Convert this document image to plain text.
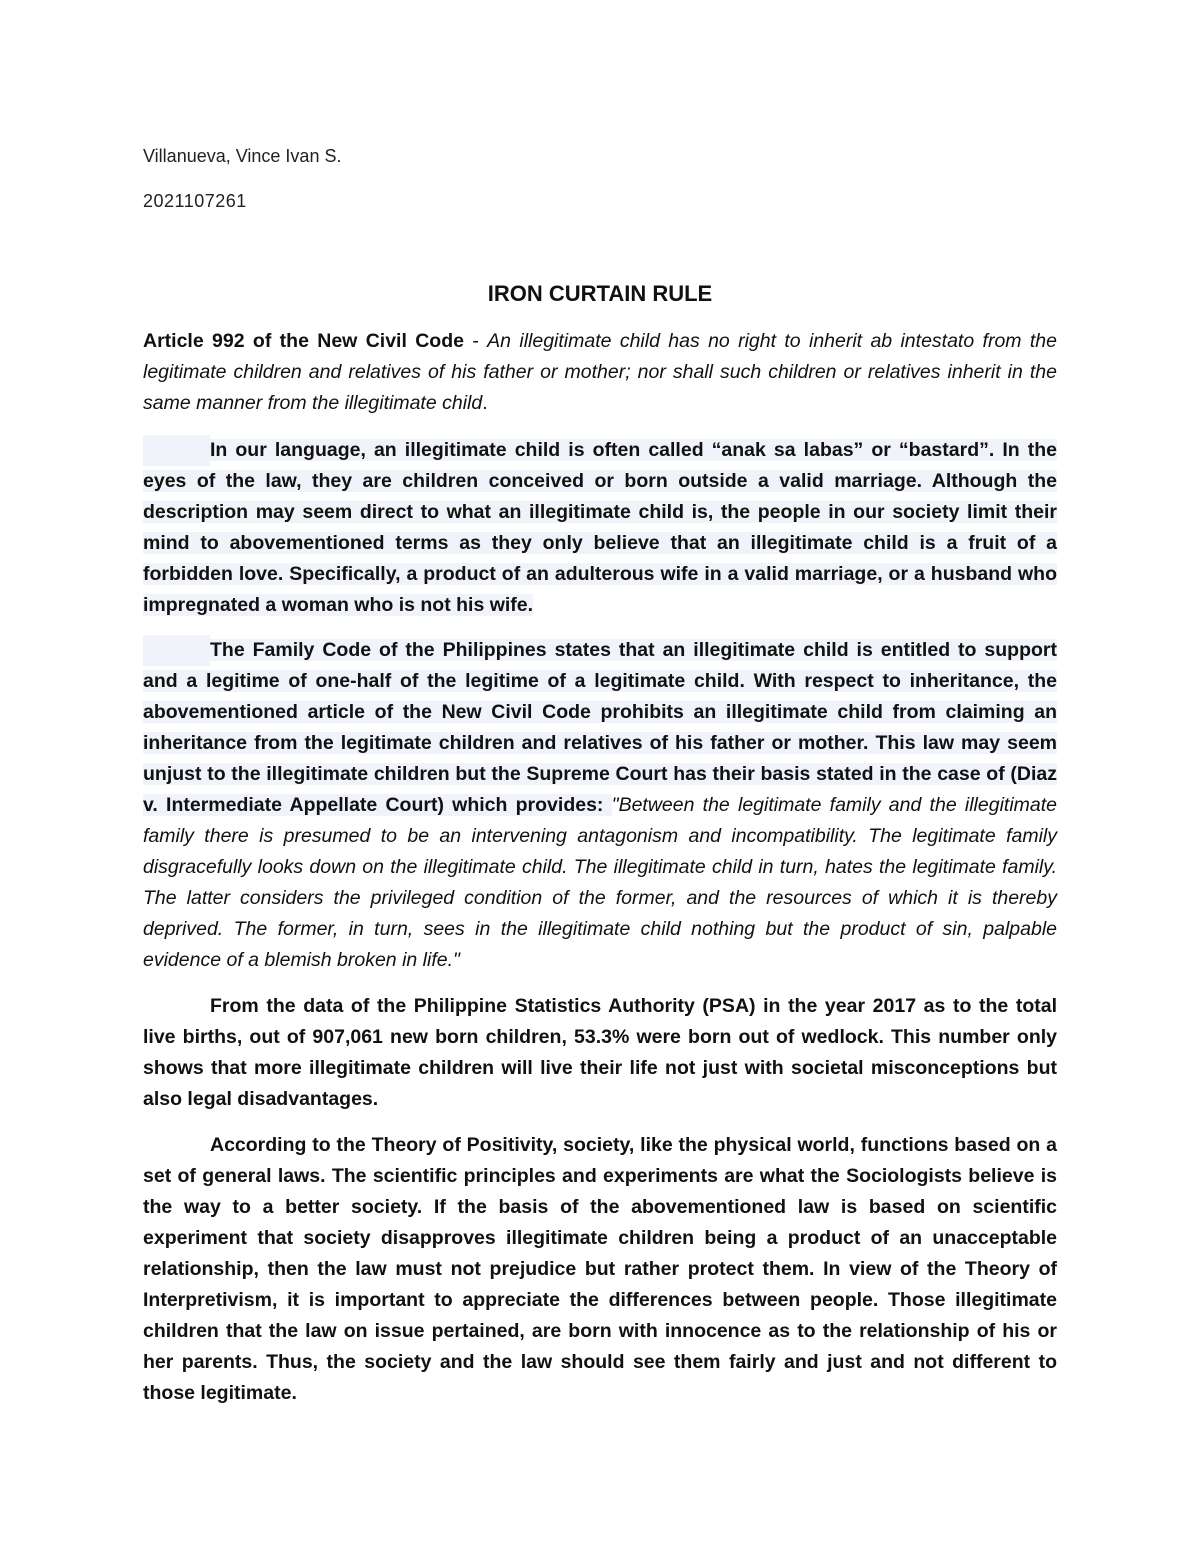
Villanueva, Vince Ivan S.
2021107261
IRON CURTAIN RULE

Article 992 of the New Civil Code - An illegitimate child has no right to inherit ab intestato from the legitimate children and relatives of his father or mother; nor shall such children or relatives inherit in the same manner from the illegitimate child.

In our language, an illegitimate child is often called “anak sa labas” or “bastard”. In the eyes of the law, they are children conceived or born outside a valid marriage. Although the description may seem direct to what an illegitimate child is, the people in our society limit their mind to abovementioned terms as they only believe that an illegitimate child is a fruit of a forbidden love. Specifically, a product of an adulterous wife in a valid marriage, or a husband who impregnated a woman who is not his wife.

The Family Code of the Philippines states that an illegitimate child is entitled to support and a legitime of one-half of the legitime of a legitimate child. With respect to inheritance, the abovementioned article of the New Civil Code prohibits an illegitimate child from claiming an inheritance from the legitimate children and relatives of his father or mother. This law may seem unjust to the illegitimate children but the Supreme Court has their basis stated in the case of (Diaz v. Intermediate Appellate Court) which provides: "Between the legitimate family and the illegitimate family there is presumed to be an intervening antagonism and incompatibility. The legitimate family disgracefully looks down on the illegitimate child. The illegitimate child in turn, hates the legitimate family. The latter considers the privileged condition of the former, and the resources of which it is thereby deprived. The former, in turn, sees in the illegitimate child nothing but the product of sin, palpable evidence of a blemish broken in life."

From the data of the Philippine Statistics Authority (PSA) in the year 2017 as to the total live births, out of 907,061 new born children, 53.3% were born out of wedlock. This number only shows that more illegitimate children will live their life not just with societal misconceptions but also legal disadvantages.

According to the Theory of Positivity, society, like the physical world, functions based on a set of general laws. The scientific principles and experiments are what the Sociologists believe is the way to a better society. If the basis of the abovementioned law is based on scientific experiment that society disapproves illegitimate children being a product of an unacceptable relationship, then the law must not prejudice but rather protect them. In view of the Theory of Interpretivism, it is important to appreciate the differences between people. Those illegitimate children that the law on issue pertained, are born with innocence as to the relationship of his or her parents. Thus, the society and the law should see them fairly and just and not different to those legitimate.
